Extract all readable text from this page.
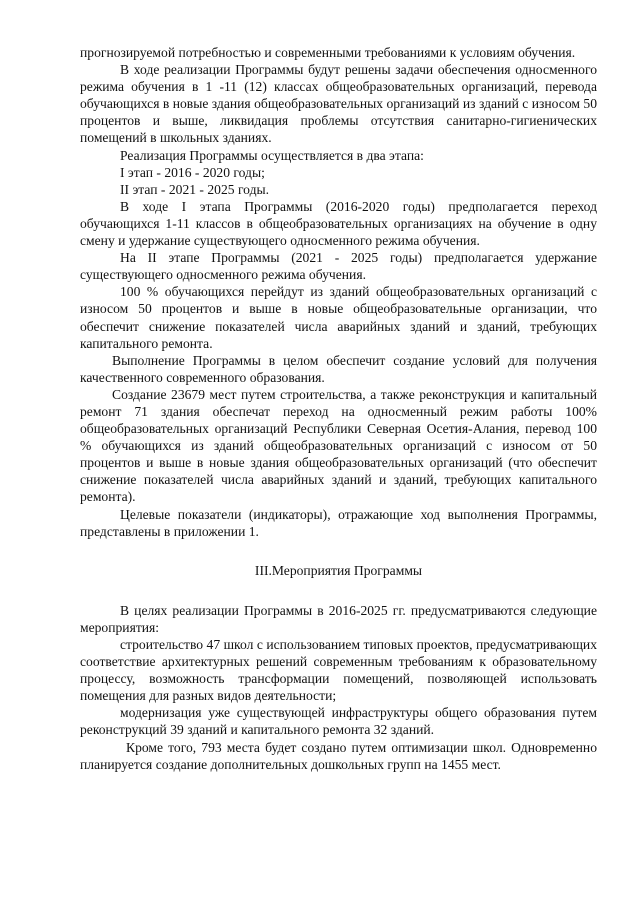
прогнозируемой потребностью и современными требованиями к условиям обучения.

В ходе реализации Программы будут решены задачи обеспечения односменного режима обучения в 1 -11 (12) классах общеобразовательных организаций, перевода обучающихся в новые здания общеобразовательных организаций из зданий с износом 50 процентов и выше, ликвидация проблемы отсутствия санитарно-гигиенических помещений в школьных зданиях.

Реализация Программы осуществляется в два этапа:

I этап - 2016 - 2020 годы;

II этап - 2021 - 2025 годы.

В ходе I этапа Программы (2016-2020 годы) предполагается переход обучающихся 1-11 классов в общеобразовательных организациях на обучение в одну смену и удержание существующего односменного режима обучения.

На II этапе Программы (2021 - 2025 годы) предполагается удержание существующего односменного режима обучения.

100 % обучающихся перейдут из зданий общеобразовательных организаций с износом 50 процентов и выше в новые общеобразовательные организации, что обеспечит снижение показателей числа аварийных зданий и зданий, требующих капитального ремонта.

Выполнение Программы в целом обеспечит создание условий для получения качественного современного образования.

Создание 23679 мест путем строительства, а также реконструкция и капитальный ремонт 71 здания обеспечат переход на односменный режим работы 100% общеобразовательных организаций Республики Северная Осетия-Алания, перевод 100 % обучающихся из зданий общеобразовательных организаций с износом от 50 процентов и выше в новые здания общеобразовательных организаций (что обеспечит снижение показателей числа аварийных зданий и зданий, требующих капитального ремонта).

Целевые показатели (индикаторы), отражающие ход выполнения Программы, представлены в приложении 1.

III.Мероприятия Программы

В целях реализации Программы в 2016-2025 гг. предусматриваются следующие мероприятия:

строительство 47 школ с использованием типовых проектов, предусматривающих соответствие архитектурных решений современным требованиям к образовательному процессу, возможность трансформации помещений, позволяющей использовать помещения для разных видов деятельности;

модернизация уже существующей инфраструктуры общего образования путем реконструкций 39 зданий и капитального ремонта 32 зданий.

Кроме того, 793 места будет создано путем оптимизации школ. Одновременно планируется создание дополнительных дошкольных групп на 1455 мест.
